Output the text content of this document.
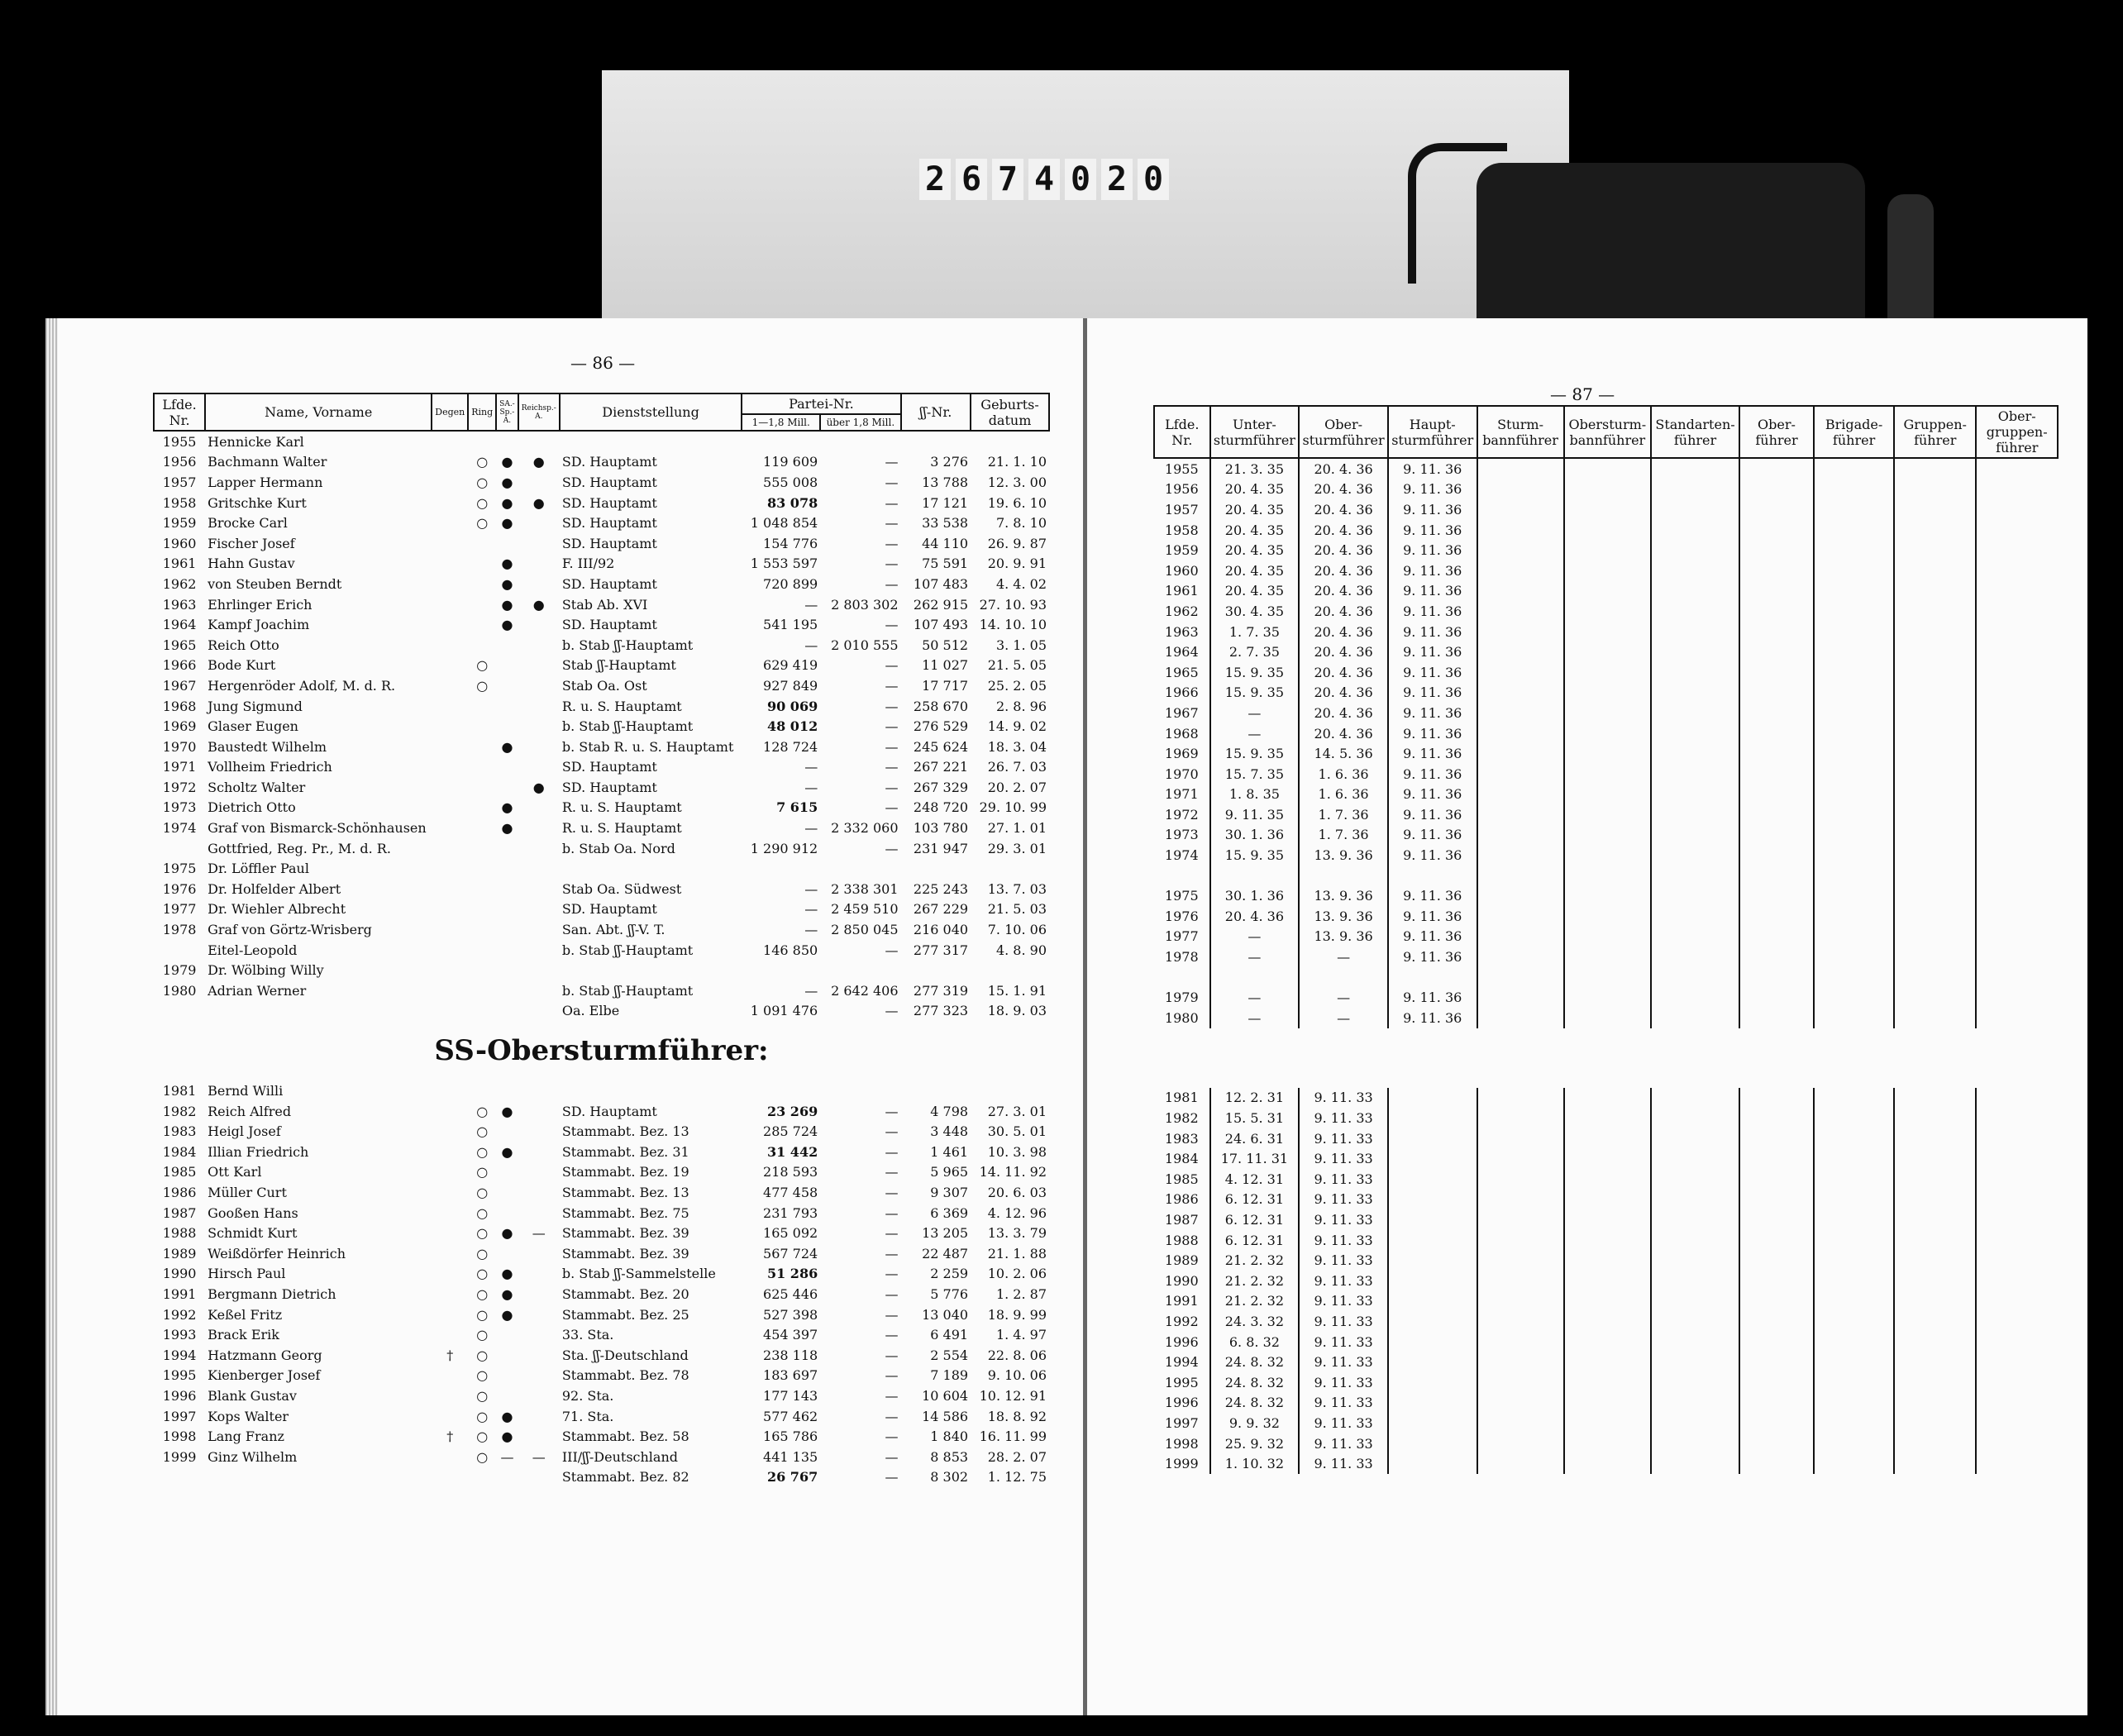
2 6 7 4 0 2 0
— 86 —
Lfde. Nr.	Name, Vorname	Degen	Ring	SA.-Sp.-A.	Reichsp.-A.	Dienststellung	Partei-Nr.		ʃʃ-Nr.	Geburts-datum
							1—1,8 Mill.	über 1,8 Mill.		
1955	Hennicke Karl									
1956	Bachmann Walter		○	●	●	SD. Hauptamt	119 609	—	3 276	21. 1. 10
1957	Lapper Hermann		○	●		SD. Hauptamt	555 008	—	13 788	12. 3. 00
1958	Gritschke Kurt		○	●	●	SD. Hauptamt	83 078	—	17 121	19. 6. 10
1959	Brocke Carl		○	●		SD. Hauptamt	1 048 854	—	33 538	7. 8. 10
1960	Fischer Josef					SD. Hauptamt	154 776	—	44 110	26. 9. 87
1961	Hahn Gustav			●		F. III/92	1 553 597	—	75 591	20. 9. 91
1962	von Steuben Berndt			●		SD. Hauptamt	720 899	—	107 483	4. 4. 02
1963	Ehrlinger Erich			●	●	Stab Ab. XVI	—	2 803 302	262 915	27. 10. 93
1964	Kampf Joachim			●		SD. Hauptamt	541 195	—	107 493	14. 10. 10
1965	Reich Otto					b. Stab ʃʃ-Hauptamt	—	2 010 555	50 512	3. 1. 05
1966	Bode Kurt		○			Stab ʃʃ-Hauptamt	629 419	—	11 027	21. 5. 05
1967	Hergenröder Adolf, M. d. R.		○			Stab Oa. Ost	927 849	—	17 717	25. 2. 05
1968	Jung Sigmund					R. u. S. Hauptamt	90 069	—	258 670	2. 8. 96
1969	Glaser Eugen					b. Stab ʃʃ-Hauptamt	48 012	—	276 529	14. 9. 02
1970	Baustedt Wilhelm			●		b. Stab R. u. S. Hauptamt	128 724	—	245 624	18. 3. 04
1971	Vollheim Friedrich					SD. Hauptamt	—	—	267 221	26. 7. 03
1972	Scholtz Walter				●	SD. Hauptamt	—	—	267 329	20. 2. 07
1973	Dietrich Otto			●		R. u. S. Hauptamt	7 615	—	248 720	29. 10. 99
1974	Graf von Bismarck-Schönhausen			●		R. u. S. Hauptamt	—	2 332 060	103 780	27. 1. 01
	Gottfried, Reg. Pr., M. d. R.					b. Stab Oa. Nord	1 290 912	—	231 947	29. 3. 01
1975	Dr. Löffler Paul									
1976	Dr. Holfelder Albert					Stab Oa. Südwest	—	2 338 301	225 243	13. 7. 03
1977	Dr. Wiehler Albrecht					SD. Hauptamt	—	2 459 510	267 229	21. 5. 03
1978	Graf von Görtz-Wrisberg					San. Abt. ʃʃ-V. T.	—	2 850 045	216 040	7. 10. 06
	Eitel-Leopold					b. Stab ʃʃ-Hauptamt	146 850	—	277 317	4. 8. 90
1979	Dr. Wölbing Willy									
1980	Adrian Werner					b. Stab ʃʃ-Hauptamt	—	2 642 406	277 319	15. 1. 91
						Oa. Elbe	1 091 476	—	277 323	18. 9. 03
SS-Obersturmführer:										
1981	Bernd Willi									
1982	Reich Alfred		○	●		SD. Hauptamt	23 269	—	4 798	27. 3. 01
1983	Heigl Josef		○			Stammabt. Bez. 13	285 724	—	3 448	30. 5. 01
1984	Illian Friedrich		○	●		Stammabt. Bez. 31	31 442	—	1 461	10. 3. 98
1985	Ott Karl		○			Stammabt. Bez. 19	218 593	—	5 965	14. 11. 92
1986	Müller Curt		○			Stammabt. Bez. 13	477 458	—	9 307	20. 6. 03
1987	Gooßen Hans		○			Stammabt. Bez. 75	231 793	—	6 369	4. 12. 96
1988	Schmidt Kurt		○	●	—	Stammabt. Bez. 39	165 092	—	13 205	13. 3. 79
1989	Weißdörfer Heinrich		○			Stammabt. Bez. 39	567 724	—	22 487	21. 1. 88
1990	Hirsch Paul		○	●		b. Stab ʃʃ-Sammelstelle	51 286	—	2 259	10. 2. 06
1991	Bergmann Dietrich		○	●		Stammabt. Bez. 20	625 446	—	5 776	1. 2. 87
1992	Keßel Fritz		○	●		Stammabt. Bez. 25	527 398	—	13 040	18. 9. 99
1993	Brack Erik		○			33. Sta.	454 397	—	6 491	1. 4. 97
1994	Hatzmann Georg	†	○			Sta. ʃʃ-Deutschland	238 118	—	2 554	22. 8. 06
1995	Kienberger Josef		○			Stammabt. Bez. 78	183 697	—	7 189	9. 10. 06
1996	Blank Gustav		○			92. Sta.	177 143	—	10 604	10. 12. 91
1997	Kops Walter		○	●		71. Sta.	577 462	—	14 586	18. 8. 92
1998	Lang Franz	†	○	●		Stammabt. Bez. 58	165 786	—	1 840	16. 11. 99
1999	Ginz Wilhelm		○	—	—	III/ʃʃ-Deutschland	441 135	—	8 853	28. 2. 07
						Stammabt. Bez. 82	26 767	—	8 302	1. 12. 75
— 87 —
Lfde. Nr.	Unter-sturmführer	Ober-sturmführer	Haupt-sturmführer	Sturm-bannführer	Obersturm-bannführer	Standarten-führer	Ober-führer	Brigade-führer	Gruppen-führer	Ober-gruppen-führer
1955	21. 3. 35	20. 4. 36	9. 11. 36							
1956	20. 4. 35	20. 4. 36	9. 11. 36							
1957	20. 4. 35	20. 4. 36	9. 11. 36							
1958	20. 4. 35	20. 4. 36	9. 11. 36							
1959	20. 4. 35	20. 4. 36	9. 11. 36							
1960	20. 4. 35	20. 4. 36	9. 11. 36							
1961	20. 4. 35	20. 4. 36	9. 11. 36							
1962	30. 4. 35	20. 4. 36	9. 11. 36							
1963	1. 7. 35	20. 4. 36	9. 11. 36							
1964	2. 7. 35	20. 4. 36	9. 11. 36							
1965	15. 9. 35	20. 4. 36	9. 11. 36							
1966	15. 9. 35	20. 4. 36	9. 11. 36							
1967	—	20. 4. 36	9. 11. 36							
1968	—	20. 4. 36	9. 11. 36							
1969	15. 9. 35	14. 5. 36	9. 11. 36							
1970	15. 7. 35	1. 6. 36	9. 11. 36							
1971	1. 8. 35	1. 6. 36	9. 11. 36							
1972	9. 11. 35	1. 7. 36	9. 11. 36							
1973	30. 1. 36	1. 7. 36	9. 11. 36							
1974	15. 9. 35	13. 9. 36	9. 11. 36							

1975	30. 1. 36	13. 9. 36	9. 11. 36							
1976	20. 4. 36	13. 9. 36	9. 11. 36							
1977	—	13. 9. 36	9. 11. 36							
1978	—	—	9. 11. 36							

1979	—	—	9. 11. 36							
1980	—	—	9. 11. 36							

1981	12. 2. 31	9. 11. 33								
1982	15. 5. 31	9. 11. 33								
1983	24. 6. 31	9. 11. 33								
1984	17. 11. 31	9. 11. 33								
1985	4. 12. 31	9. 11. 33								
1986	6. 12. 31	9. 11. 33								
1987	6. 12. 31	9. 11. 33								
1988	6. 12. 31	9. 11. 33								
1989	21. 2. 32	9. 11. 33								
1990	21. 2. 32	9. 11. 33								
1991	21. 2. 32	9. 11. 33								
1992	24. 3. 32	9. 11. 33								
1996	6. 8. 32	9. 11. 33								
1994	24. 8. 32	9. 11. 33								
1995	24. 8. 32	9. 11. 33								
1996	24. 8. 32	9. 11. 33								
1997	9. 9. 32	9. 11. 33								
1998	25. 9. 32	9. 11. 33								
1999	1. 10. 32	9. 11. 33								
